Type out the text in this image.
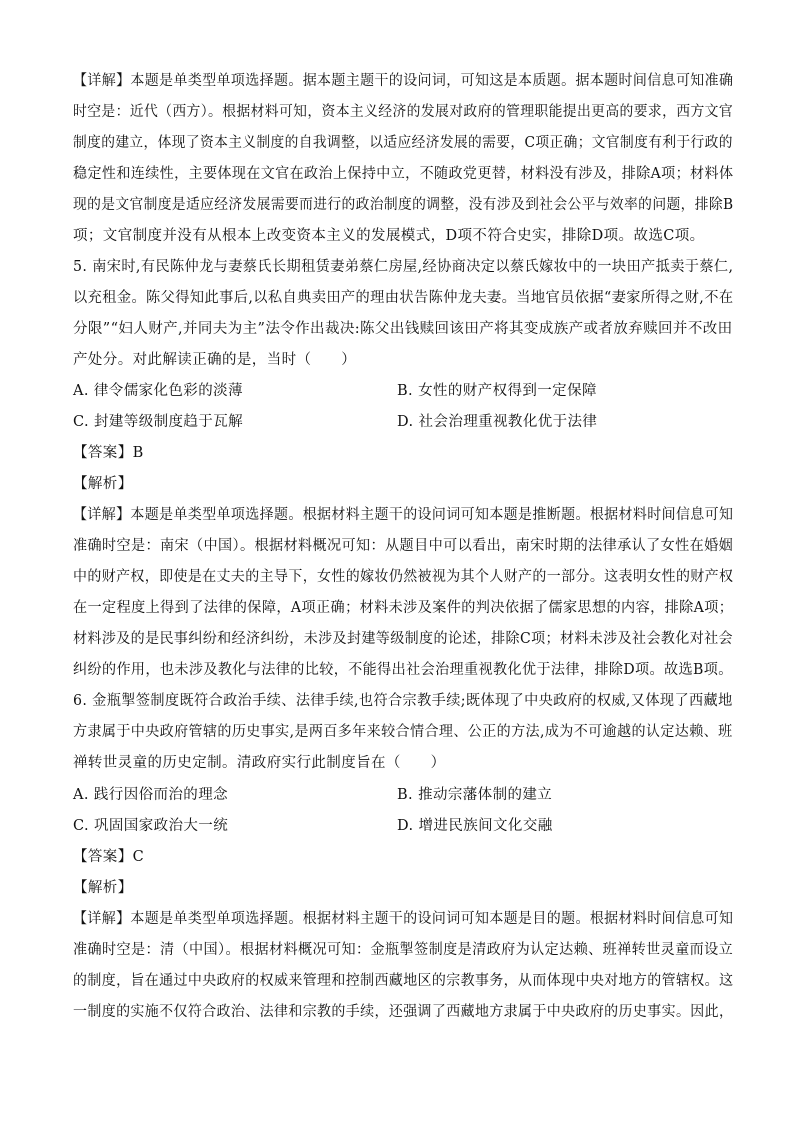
【详解】本题是单类型单项选择题。据本题主题干的设问词，可知这是本质题。据本题时间信息可知准确
时空是：近代（西方）。根据材料可知，资本主义经济的发展对政府的管理职能提出更高的要求，西方文官
制度的建立，体现了资本主义制度的自我调整，以适应经济发展的需要，C项正确；文官制度有利于行政的
稳定性和连续性，主要体现在文官在政治上保持中立，不随政党更替，材料没有涉及，排除A项；材料体
现的是文官制度是适应经济发展需要而进行的政治制度的调整，没有涉及到社会公平与效率的问题，排除B
项；文官制度并没有从根本上改变资本主义的发展模式，D项不符合史实，排除D项。故选C项。
5. 南宋时,有民陈仲龙与妻蔡氏长期租赁妻弟蔡仁房屋,经协商决定以蔡氏嫁妆中的一块田产抵卖于蔡仁,
以充租金。陈父得知此事后,以私自典卖田产的理由状告陈仲龙夫妻。当地官员依据“妻家所得之财,不在
分限”“妇人财产,并同夫为主”法令作出裁决:陈父出钱赎回该田产将其变成族产或者放弃赎回并不改田
产处分。对此解读正确的是，当时（　　）
A. 律令儒家化色彩的淡薄	B. 女性的财产权得到一定保障
C. 封建等级制度趋于瓦解	D. 社会治理重视教化优于法律
【答案】B
【解析】
【详解】本题是单类型单项选择题。根据材料主题干的设问词可知本题是推断题。根据材料时间信息可知
准确时空是：南宋（中国）。根据材料概况可知：从题目中可以看出，南宋时期的法律承认了女性在婚姻
中的财产权，即使是在丈夫的主导下，女性的嫁妆仍然被视为其个人财产的一部分。这表明女性的财产权
在一定程度上得到了法律的保障，A项正确；材料未涉及案件的判决依据了儒家思想的内容，排除A项；
材料涉及的是民事纠纷和经济纠纷，未涉及封建等级制度的论述，排除C项；材料未涉及社会教化对社会
纠纷的作用，也未涉及教化与法律的比较，不能得出社会治理重视教化优于法律，排除D项。故选B项。
6. 金瓶掣签制度既符合政治手续、法律手续,也符合宗教手续;既体现了中央政府的权威,又体现了西藏地
方隶属于中央政府管辖的历史事实,是两百多年来较合情合理、公正的方法,成为不可逾越的认定达赖、班
禅转世灵童的历史定制。清政府实行此制度旨在（　　）
A. 践行因俗而治的理念	B. 推动宗藩体制的建立
C. 巩固国家政治大一统	D. 增进民族间文化交融
【答案】C
【解析】
【详解】本题是单类型单项选择题。根据材料主题干的设问词可知本题是目的题。根据材料时间信息可知
准确时空是：清（中国）。根据材料概况可知：金瓶掣签制度是清政府为认定达赖、班禅转世灵童而设立
的制度，旨在通过中央政府的权威来管理和控制西藏地区的宗教事务，从而体现中央对地方的管辖权。这
一制度的实施不仅符合政治、法律和宗教的手续，还强调了西藏地方隶属于中央政府的历史事实。因此，
